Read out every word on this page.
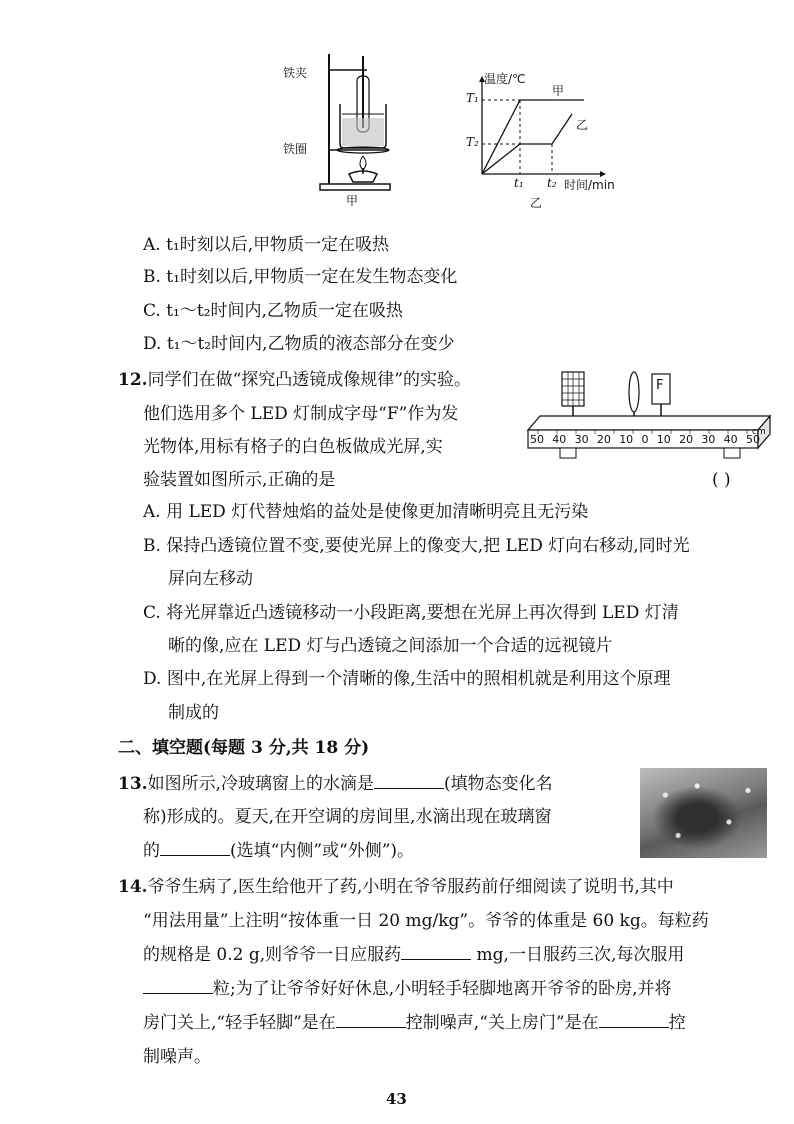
铁夹
铁圈
甲
温度/℃
甲
T₁
T₂
乙
t₁ t₂ 时间/min
乙
A. t₁时刻以后,甲物质一定在吸热
B. t₁时刻以后,甲物质一定在发生物态变化
C. t₁～t₂时间内,乙物质一定在吸热
D. t₁～t₂时间内,乙物质的液态部分在变少
12.同学们在做“探究凸透镜成像规律”的实验。
他们选用多个 LED 灯制成字母“F”作为发
光物体,用标有格子的白色板做成光屏,实
验装置如图所示,正确的是	( )
F
cm
50 40 30 20 10 0 10 20 30 40 50
A. 用 LED 灯代替烛焰的益处是使像更加清晰明亮且无污染
B. 保持凸透镜位置不变,要使光屏上的像变大,把 LED 灯向右移动,同时光
屏向左移动
C. 将光屏靠近凸透镜移动一小段距离,要想在光屏上再次得到 LED 灯清
晰的像,应在 LED 灯与凸透镜之间添加一个合适的远视镜片
D. 图中,在光屏上得到一个清晰的像,生活中的照相机就是利用这个原理
制成的
二、填空题(每题 3 分,共 18 分)
13.如图所示,冷玻璃窗上的水滴是	(填物态变化名
称)形成的。夏天,在开空调的房间里,水滴出现在玻璃窗
的	(选填“内侧”或“外侧”)。
14.爷爷生病了,医生给他开了药,小明在爷爷服药前仔细阅读了说明书,其中
“用法用量”上注明“按体重一日 20 mg/kg”。爷爷的体重是 60 kg。每粒药
的规格是 0.2 g,则爷爷一日应服药	mg,一日服药三次,每次服用
粒;为了让爷爷好好休息,小明轻手轻脚地离开爷爷的卧房,并将
房门关上,“轻手轻脚”是在	控制噪声,“关上房门”是在	控
制噪声。
43
